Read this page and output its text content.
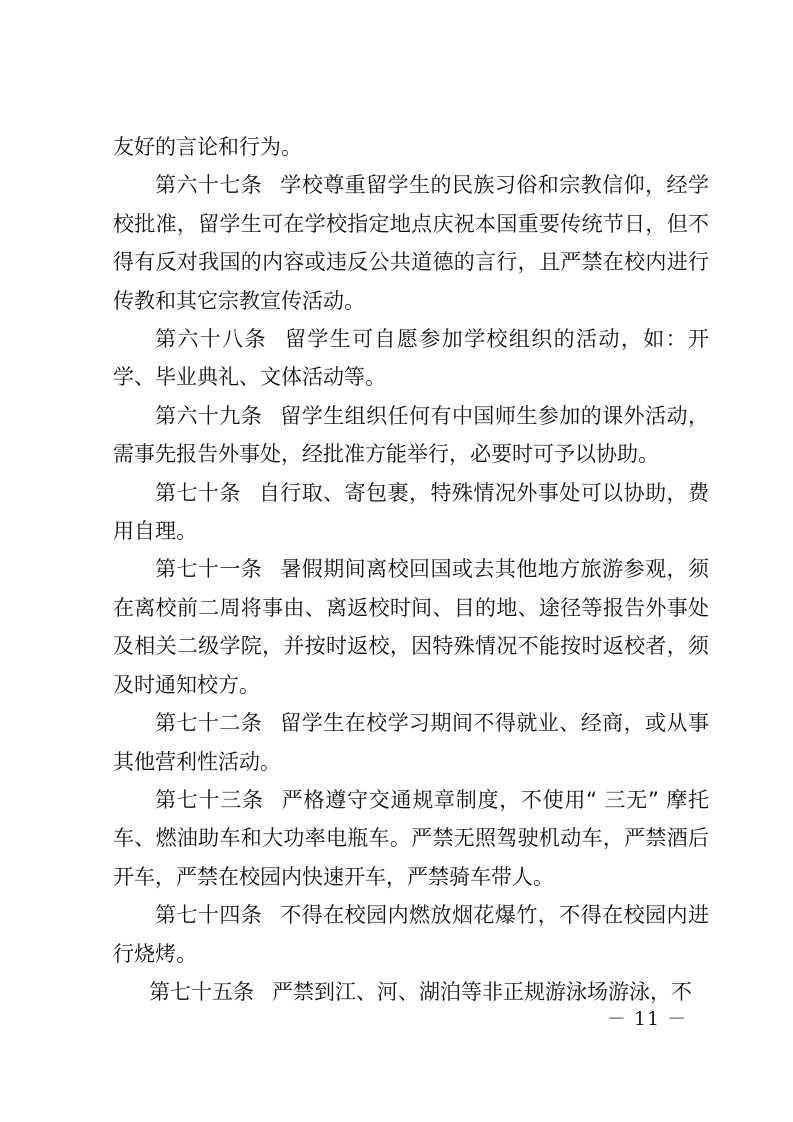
友好的言论和行为。

第六十七条 学校尊重留学生的民族习俗和宗教信仰，经学校批准，留学生可在学校指定地点庆祝本国重要传统节日，但不得有反对我国的内容或违反公共道德的言行，且严禁在校内进行传教和其它宗教宣传活动。

第六十八条 留学生可自愿参加学校组织的活动，如：开学、毕业典礼、文体活动等。

第六十九条 留学生组织任何有中国师生参加的课外活动，需事先报告外事处，经批准方能举行，必要时可予以协助。

第七十条 自行取、寄包裹，特殊情况外事处可以协助，费用自理。

第七十一条 暑假期间离校回国或去其他地方旅游参观，须在离校前二周将事由、离返校时间、目的地、途径等报告外事处及相关二级学院，并按时返校，因特殊情况不能按时返校者，须及时通知校方。

第七十二条 留学生在校学习期间不得就业、经商，或从事其他营利性活动。

第七十三条 严格遵守交通规章制度，不使用“ 三无” 摩托车、燃油助车和大功率电瓶车。严禁无照驾驶机动车，严禁酒后开车，严禁在校园内快速开车，严禁骑车带人。

第七十四条 不得在校园内燃放烟花爆竹，不得在校园内进行烧烤。

第七十五条 严禁到江、河、湖泊等非正规游泳场游泳，不

－ 11 －
